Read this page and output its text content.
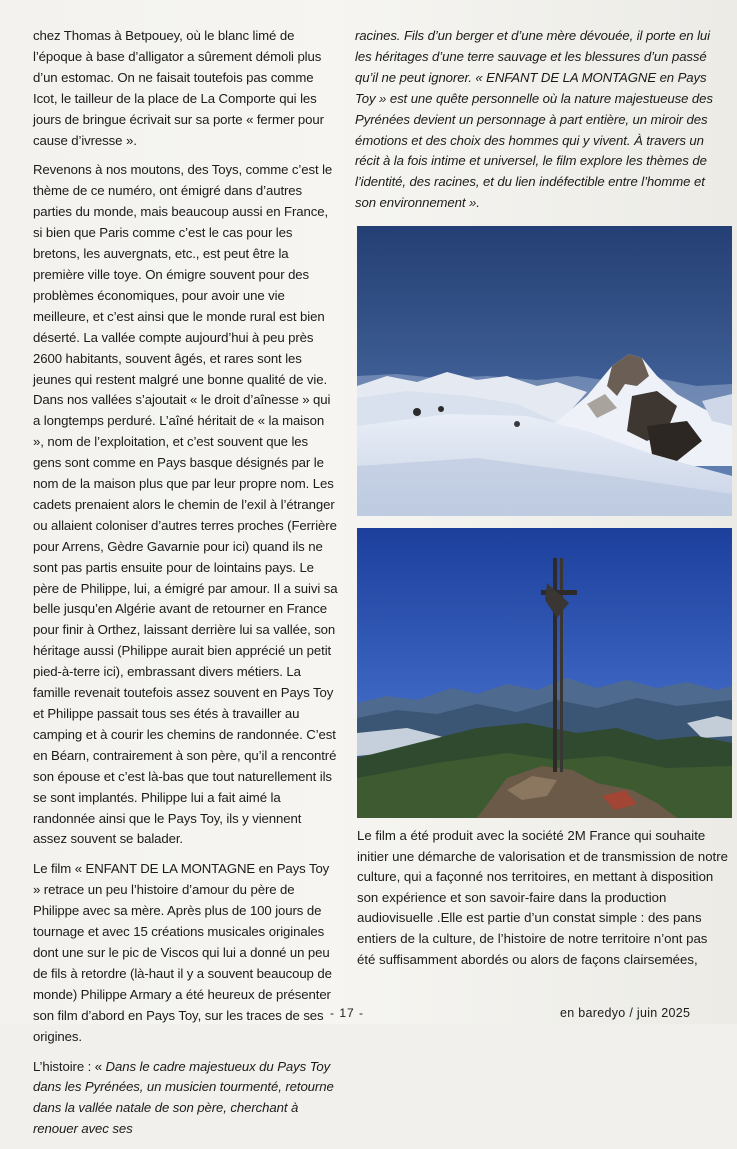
chez Thomas à Betpouey, où le blanc limé de l’époque à base d’alligator a sûrement démoli plus d’un estomac. On ne faisait toutefois pas comme Icot, le tailleur de la place de La Comporte qui les jours de bringue écrivait sur sa porte « fermer pour cause d’ivresse ».

Revenons à nos moutons, des Toys, comme c’est le thème de ce numéro, ont émigré dans d’autres parties du monde, mais beaucoup aussi en France, si bien que Paris comme c’est le cas pour les bretons, les auvergnats, etc., est peut être la première ville toye. On émigre souvent pour des problèmes économiques, pour avoir une vie meilleure, et c’est ainsi que le monde rural est bien déserté. La vallée compte aujourd’hui à peu près 2600 habitants, souvent âgés, et rares sont les jeunes qui restent malgré une bonne qualité de vie. Dans nos vallées s’ajoutait « le droit d’aînesse » qui a longtemps perduré. L’aîné héritait de « la maison », nom de l’exploitation, et c’est souvent que les gens sont comme en Pays basque désignés par le nom de la maison plus que par leur propre nom. Les cadets prenaient alors le chemin de l’exil à l’étranger ou allaient coloniser d’autres terres proches (Ferrière pour Arrens, Gèdre Gavarnie pour ici) quand ils ne sont pas partis ensuite pour de lointains pays. Le père de Philippe, lui, a émigré par amour. Il a suivi sa belle jusqu’en Algérie avant de retourner en France pour finir à Orthez, laissant derrière lui sa vallée, son héritage aussi (Philippe aurait bien apprécié un petit pied-à-terre ici), embrassant divers métiers. La famille revenait toutefois assez souvent en Pays Toy et Philippe passait tous ses étés à travailler au camping et à courir les chemins de randonnée. C’est en Béarn, contrairement à son père, qu’il a rencontré son épouse et c’est là-bas que tout naturellement ils se sont implantés. Philippe lui a fait aimé la randonnée ainsi que le Pays Toy, ils y viennent assez souvent se balader.

Le film « ENFANT DE LA MONTAGNE en Pays Toy » retrace un peu l’histoire d’amour du père de Philippe avec sa mère. Après plus de 100 jours de tournage et avec 15 créations musicales originales dont une sur le pic de Viscos qui lui a donné un peu de fils à retordre (là-haut il y a souvent beaucoup de monde) Philippe Armary a été heureux de présenter son film d’abord en Pays Toy, sur les traces de ses origines.

L’histoire : « Dans le cadre majestueux du Pays Toy dans les Pyrénées, un musicien tourmenté, retourne dans la vallée natale de son père, cherchant à renouer avec ses

racines. Fils d’un berger et d’une mère dévouée, il porte en lui les héritages d’une terre sauvage et les blessures d’un passé qu’il ne peut ignorer. « ENFANT DE LA MONTAGNE en Pays Toy » est une quête personnelle où la nature majestueuse des Pyrénées devient un personnage à part entière, un miroir des émotions et des choix des hommes qui y vivent. À travers un récit à la fois intime et universel, le film explore les thèmes de l’identité, des racines, et du lien indéfectible entre l’homme et son environnement ».

Le film a été produit avec la société 2M France qui souhaite initier une démarche de valorisation et de transmission de notre culture, qui a façonné nos territoires, en mettant à disposition son expérience et son savoir-faire dans la production audiovisuelle .Elle est partie d’un constat simple : des pans entiers de la culture, de l’histoire de notre territoire n’ont pas été suffisamment abordés ou alors de façons clairsemées,

- 17 -	en baredyo / juin 2025
